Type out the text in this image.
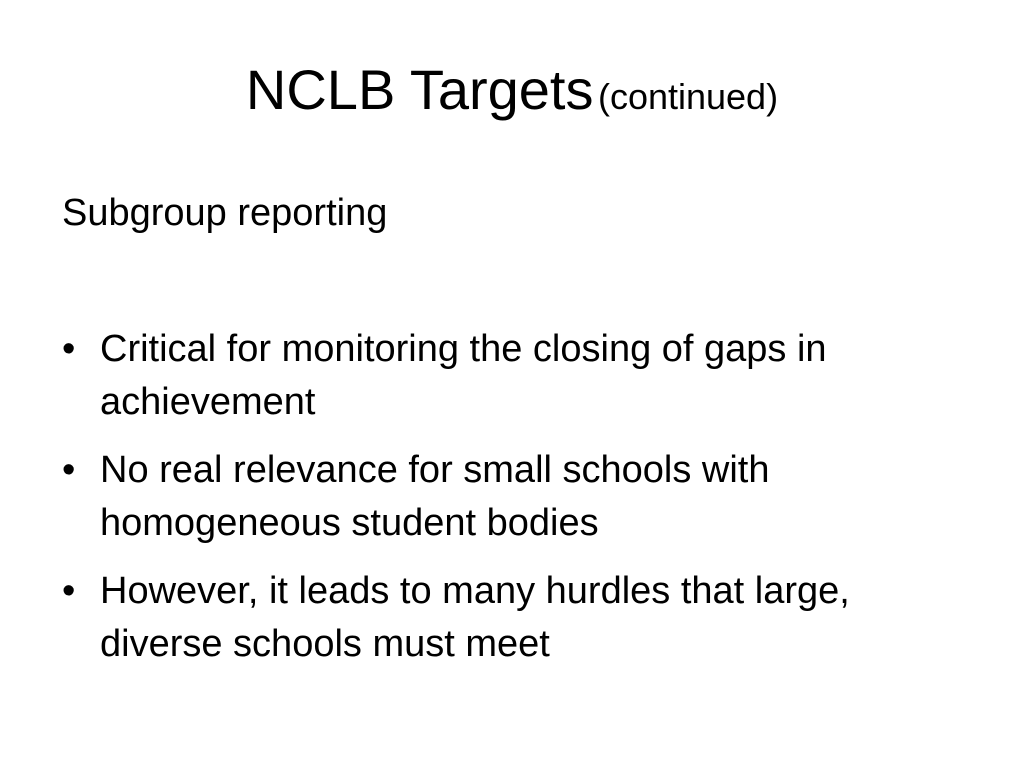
NCLB Targets (continued)
Subgroup reporting
• Critical for monitoring the closing of gaps in achievement
• No real relevance for small schools with homogeneous student bodies
• However, it leads to many hurdles that large, diverse schools must meet
